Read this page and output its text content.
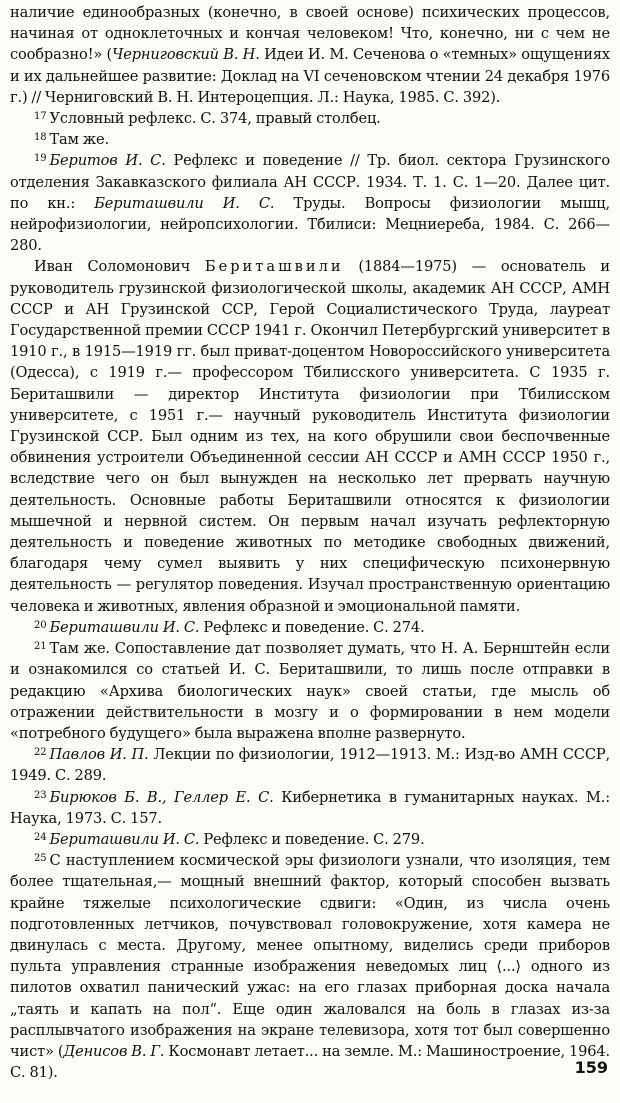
наличие единообразных (конечно, в своей основе) психических процессов, начиная от одноклеточных и кончая человеком! Что, конечно, ни с чем не сообразно!» (Черниговский В. Н. Идеи И. М. Сеченова о «темных» ощущениях и их дальнейшее развитие: Доклад на VI сеченовском чтении 24 декабря 1976 г.) // Черниговский В. Н. Интероцепция. Л.: Наука, 1985. С. 392).

$^{17}$ Условный рефлекс. С. 374, правый столбец.

$^{18}$ Там же.

$^{19}$ Беритов И. С. Рефлекс и поведение // Тр. биол. сектора Грузинского отделения Закавказского филиала АН СССР. 1934. Т. 1. С. 1—20. Далее цит. по кн.: Бериташвили И. С. Труды. Вопросы физиологии мышц, нейрофизиологии, нейропсихологии. Тбилиси: Мецниереба, 1984. С. 266—280.

Иван Соломонович Бериташвили (1884—1975) — основатель и руководитель грузинской физиологической школы, академик АН СССР, АМН СССР и АН Грузинской ССР, Герой Социалистического Труда, лауреат Государственной премии СССР 1941 г. Окончил Петербургский университет в 1910 г., в 1915—1919 гг. был приват-доцентом Новороссийского университета (Одесса), с 1919 г.— профессором Тбилисского университета. С 1935 г. Бериташвили — директор Института физиологии при Тбилисском университете, с 1951 г.— научный руководитель Института физиологии Грузинской ССР. Был одним из тех, на кого обрушили свои беспочвенные обвинения устроители Объединенной сессии АН СССР и АМН СССР 1950 г., вследствие чего он был вынужден на несколько лет прервать научную деятельность. Основные работы Бериташвили относятся к физиологии мышечной и нервной систем. Он первым начал изучать рефлекторную деятельность и поведение животных по методике свободных движений, благодаря чему сумел выявить у них специфическую психонервную деятельность — регулятор поведения. Изучал пространственную ориентацию человека и животных, явления образной и эмоциональной памяти.

$^{20}$ Бериташвили И. С. Рефлекс и поведение. С. 274.

$^{21}$ Там же. Сопоставление дат позволяет думать, что Н. А. Бернштейн если и ознакомился со статьей И. С. Бериташвили, то лишь после отправки в редакцию «Архива биологических наук» своей статьи, где мысль об отражении действительности в мозгу и о формировании в нем модели «потребного будущего» была выражена вполне развернуто.

$^{22}$ Павлов И. П. Лекции по физиологии, 1912—1913. М.: Изд-во АМН СССР, 1949. С. 289.

$^{23}$ Бирюков Б. В., Геллер Е. С. Кибернетика в гуманитарных науках. М.: Наука, 1973. С. 157.

$^{24}$ Бериташвили И. С. Рефлекс и поведение. С. 279.

$^{25}$ С наступлением космической эры физиологи узнали, что изоляция, тем более тщательная,— мощный внешний фактор, который способен вызвать крайне тяжелые психологические сдвиги: «Один, из числа очень подготовленных летчиков, почувствовал головокружение, хотя камера не двинулась с места. Другому, менее опытному, виделись среди приборов пульта управления странные изображения неведомых лиц ⟨...⟩ одного из пилотов охватил панический ужас: на его глазах приборная доска начала „таять и капать на пол“. Еще один жаловался на боль в глазах из-за расплывчатого изображения на экране телевизора, хотя тот был совершенно чист» (Денисов В. Г. Космонавт летает... на земле. М.: Машиностроение, 1964. С. 81).	159
